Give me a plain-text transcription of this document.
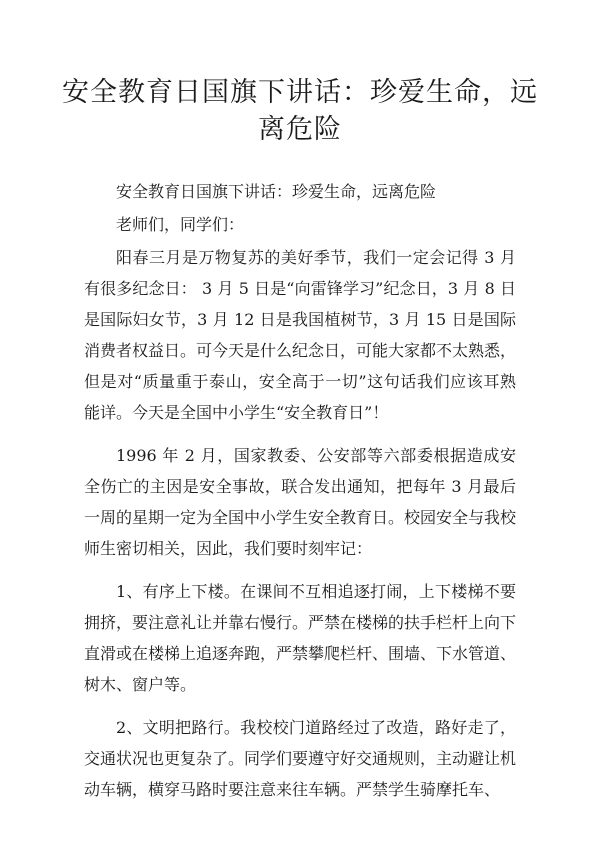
安全教育日国旗下讲话：珍爱生命，远离危险

安全教育日国旗下讲话：珍爱生命，远离危险

老师们，同学们：

阳春三月是万物复苏的美好季节，我们一定会记得 3 月有很多纪念日： 3 月 5 日是“向雷锋学习”纪念日，3 月 8 日是国际妇女节，3 月 12 日是我国植树节，3 月 15 日是国际消费者权益日。可今天是什么纪念日，可能大家都不太熟悉，但是对“质量重于泰山，安全高于一切”这句话我们应该耳熟能详。今天是全国中小学生“安全教育日”！

1996 年 2 月，国家教委、公安部等六部委根据造成安全伤亡的主因是安全事故，联合发出通知，把每年 3 月最后一周的星期一定为全国中小学生安全教育日。校园安全与我校师生密切相关，因此，我们要时刻牢记：

1、有序上下楼。在课间不互相追逐打闹，上下楼梯不要拥挤，要注意礼让并靠右慢行。严禁在楼梯的扶手栏杆上向下直滑或在楼梯上追逐奔跑，严禁攀爬栏杆、围墙、下水管道、树木、窗户等。

2、文明把路行。我校校门道路经过了改造，路好走了，交通状况也更复杂了。同学们要遵守好交通规则，主动避让机动车辆，横穿马路时要注意来往车辆。严禁学生骑摩托车、
